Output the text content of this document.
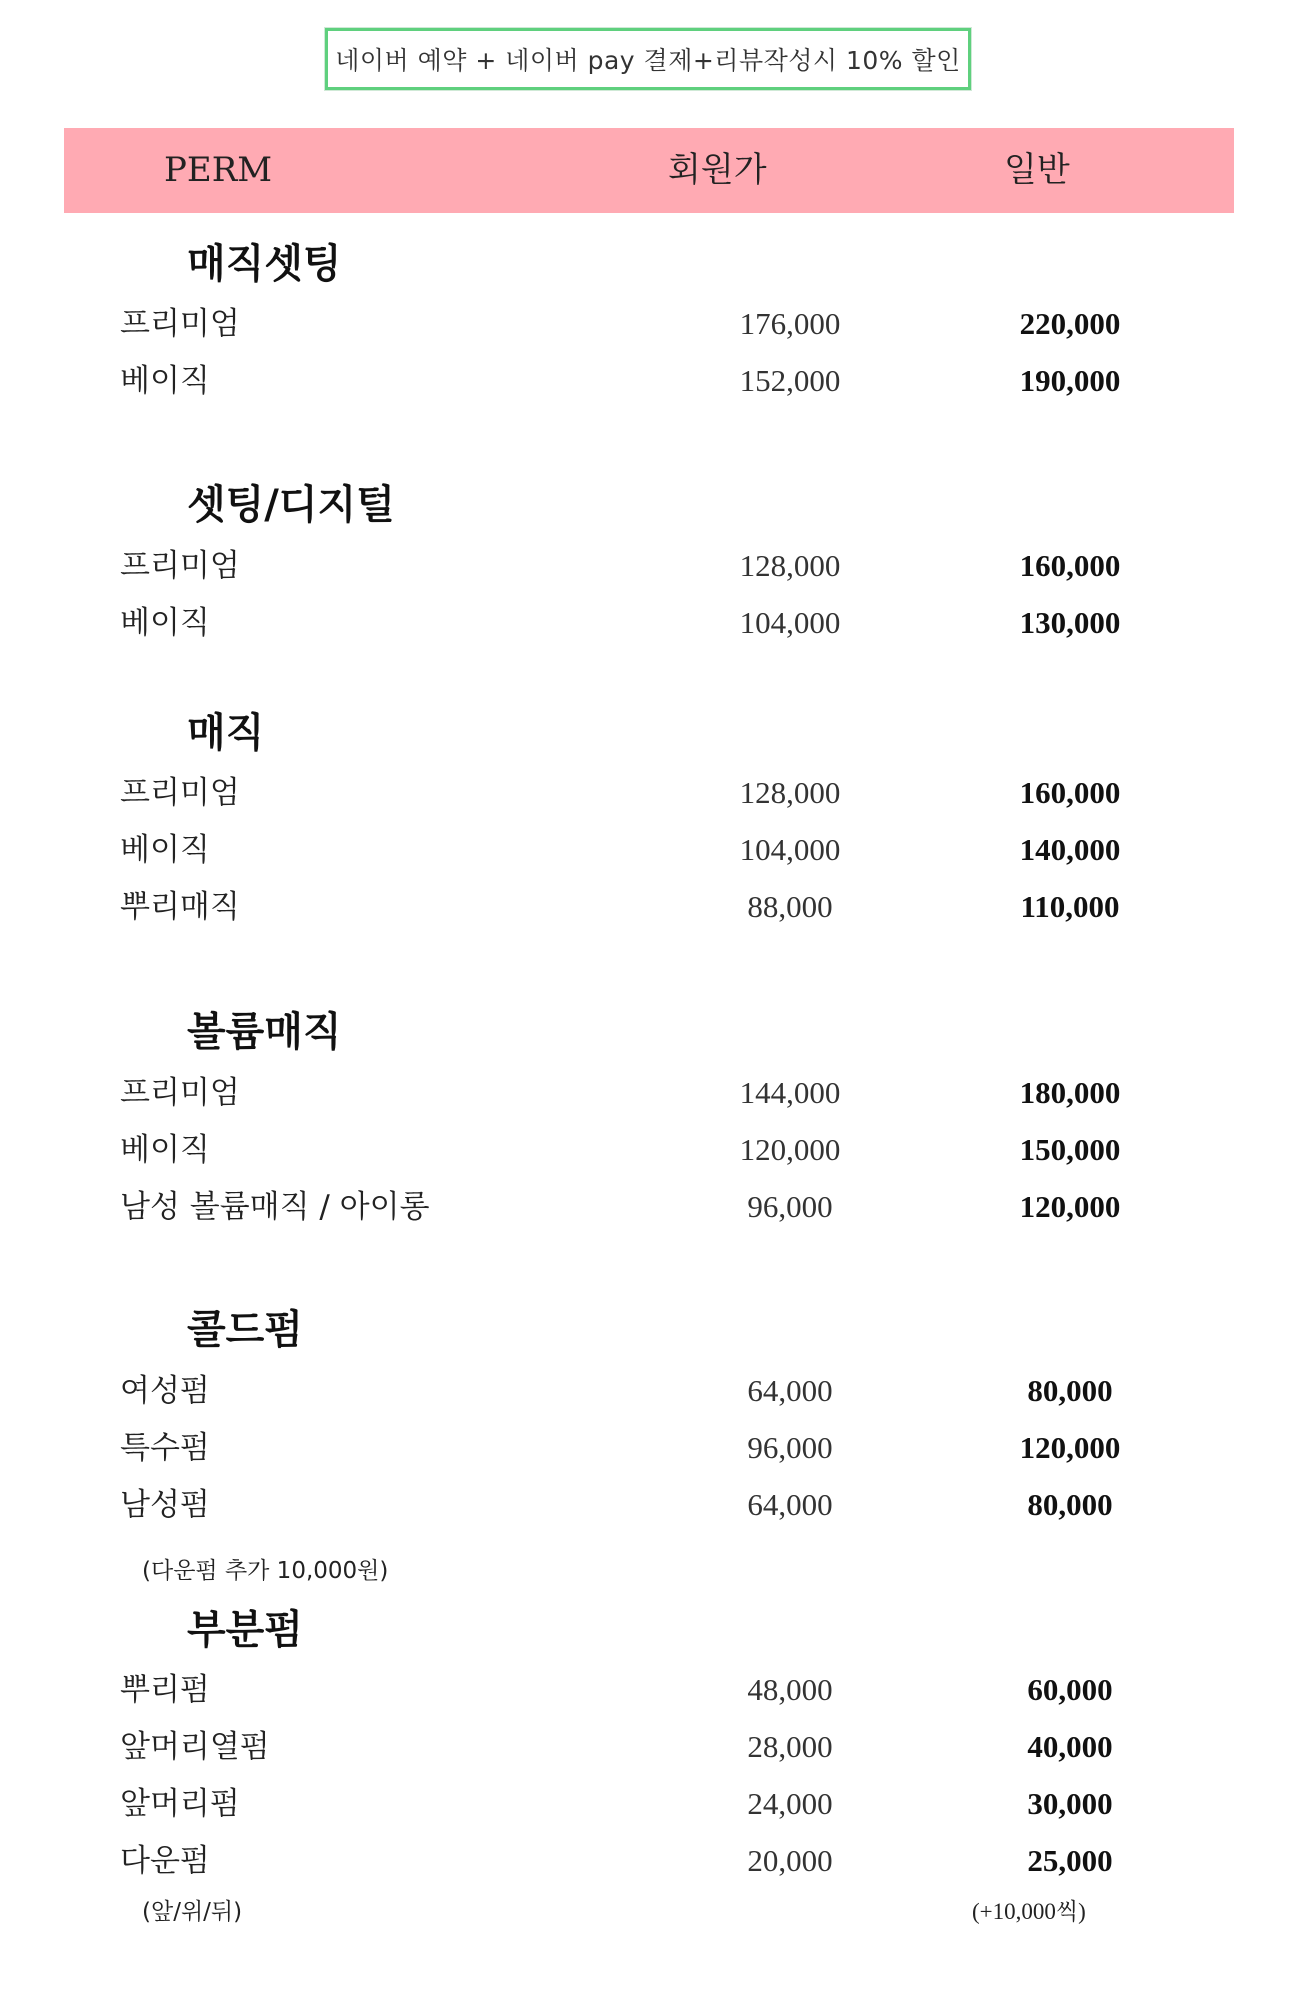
네이버 예약 + 네이버 pay 결제+리뷰작성시 10% 할인
PERM	회원가	일반
매직셋팅
프리미엄	176,000	220,000
베이직	152,000	190,000
셋팅/디지털
프리미엄	128,000	160,000
베이직	104,000	130,000
매직
프리미엄	128,000	160,000
베이직	104,000	140,000
뿌리매직	88,000	110,000
볼륨매직
프리미엄	144,000	180,000
베이직	120,000	150,000
남성 볼륨매직 / 아이롱	96,000	120,000
콜드펌
여성펌	64,000	80,000
특수펌	96,000	120,000
남성펌	64,000	80,000
(다운펌 추가 10,000원)
부분펌
뿌리펌	48,000	60,000
앞머리열펌	28,000	40,000
앞머리펌	24,000	30,000
다운펌	20,000	25,000
(앞/위/뒤)	(+10,000씩)
